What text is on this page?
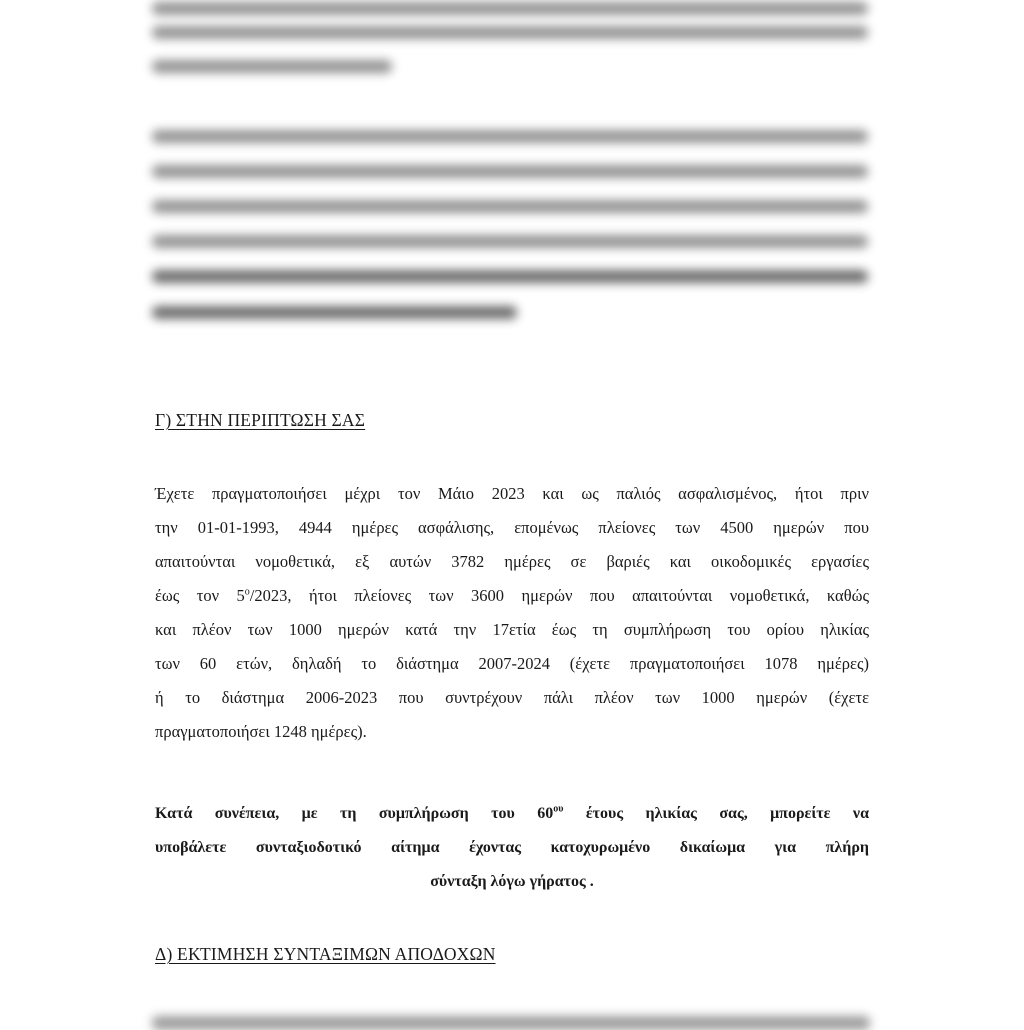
Γ) ΣΤΗΝ ΠΕΡΙΠΤΩΣΗ ΣΑΣ
Έχετε πραγματοποιήσει μέχρι τον Μάιο 2023 και ως παλιός ασφαλισμένος, ήτοι πριν
την 01-01-1993, 4944 ημέρες ασφάλισης, επομένως πλείονες των 4500 ημερών που
απαιτούνται νομοθετικά, εξ αυτών 3782 ημέρες σε βαριές και οικοδομικές εργασίες
έως τον $5^o/2023$, ήτοι πλείονες των 3600 ημερών που απαιτούνται νομοθετικά, καθώς
και πλέον των 1000 ημερών κατά την 17ετία έως τη συμπλήρωση του ορίου ηλικίας
των 60 ετών, δηλαδή το διάστημα 2007-2024 (έχετε πραγματοποιήσει 1078 ημέρες)
ή το διάστημα 2006-2023 που συντρέχουν πάλι πλέον των 1000 ημερών (έχετε
πραγματοποιήσει 1248 ημέρες).
Κατά συνέπεια, με τη συμπλήρωση του $60^{o\upsilon}$ έτους ηλικίας σας, μπορείτε να
υποβάλετε συνταξιοδοτικό αίτημα έχοντας κατοχυρωμένο δικαίωμα για πλήρη
σύνταξη λόγω γήρατος .
Δ) ΕΚΤΙΜΗΣΗ ΣΥΝΤΑΞΙΜΩΝ ΑΠΟΔΟΧΩΝ
